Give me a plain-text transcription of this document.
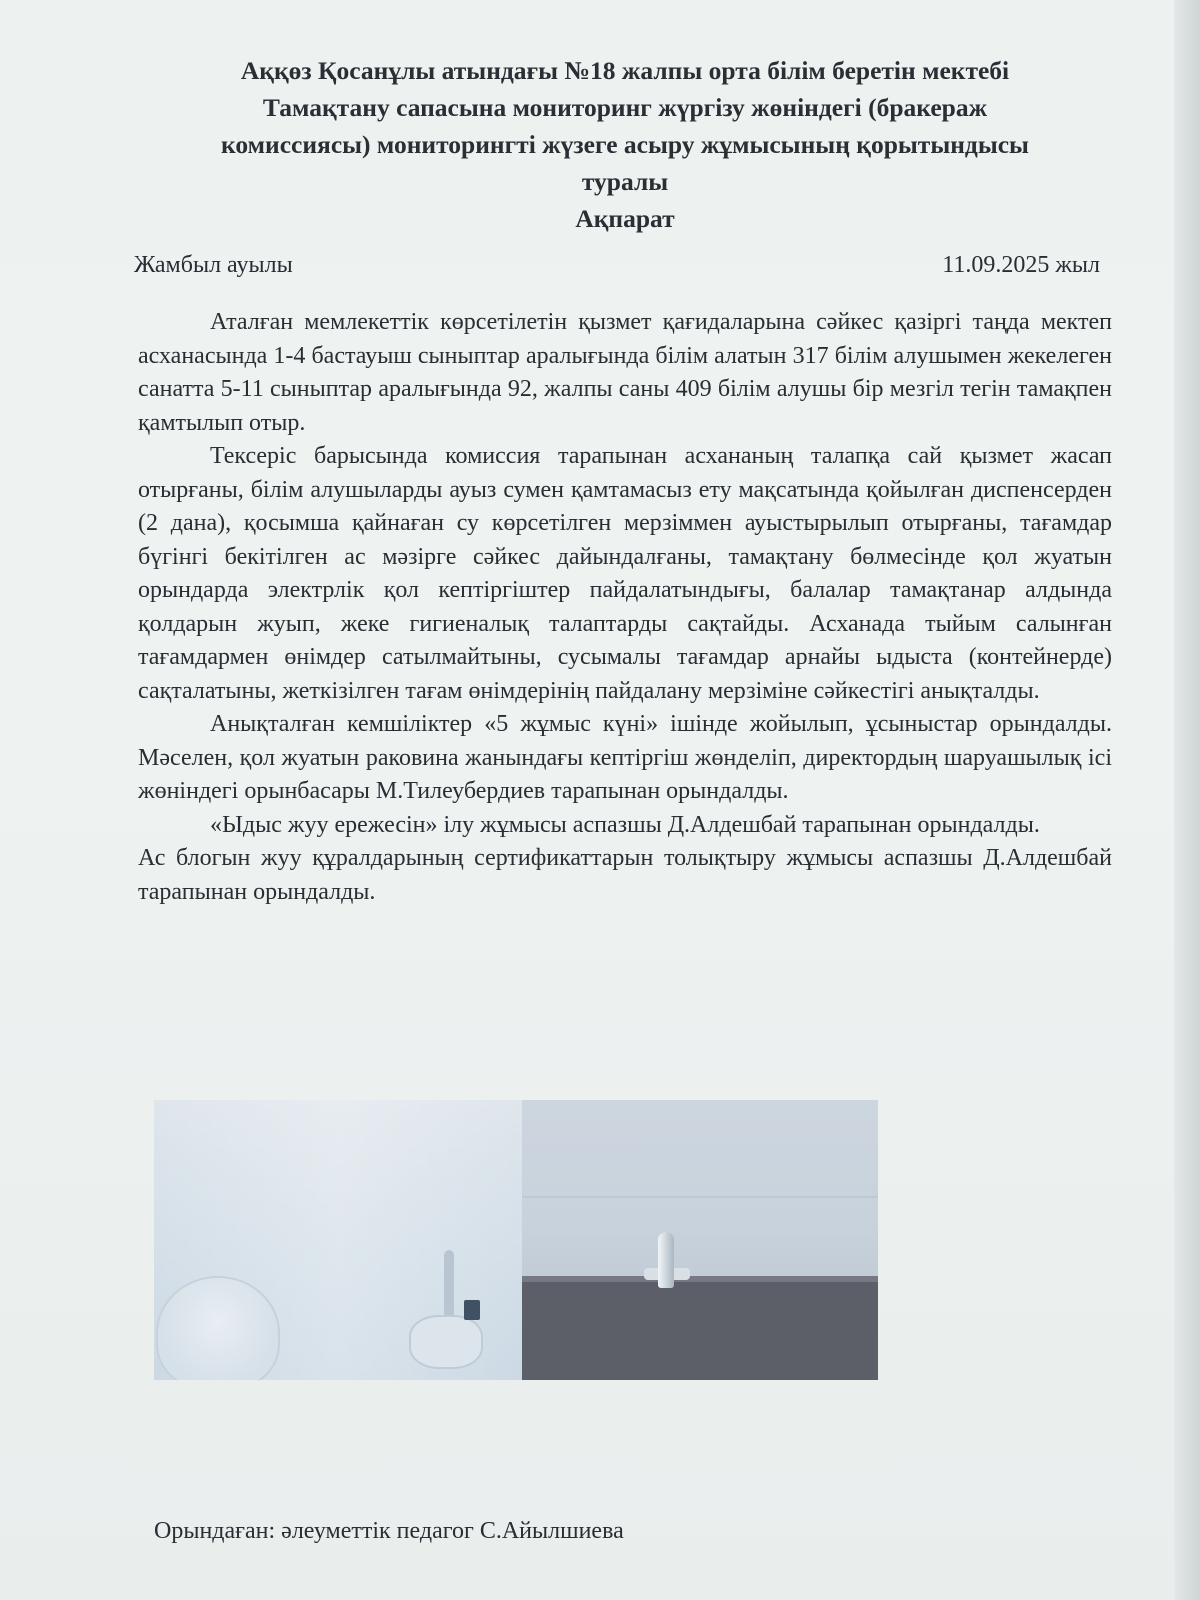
Аққөз Қосанұлы атындағы №18 жалпы орта білім беретін мектебі
Тамақтану сапасына мониторинг жүргізу жөніндегі (бракераж
комиссиясы) мониторингті жүзеге асыру жұмысының қорытындысы
туралы
Ақпарат
Жамбыл ауылы	11.09.2025 жыл

Аталған мемлекеттік көрсетілетін қызмет қағидаларына сәйкес қазіргі таңда мектеп асханасында 1-4 бастауыш сыныптар аралығында білім алатын 317 білім алушымен жекелеген санатта 5-11 сыныптар аралығында 92, жалпы саны 409 білім алушы бір мезгіл тегін тамақпен қамтылып отыр.

Тексеріс барысында комиссия тарапынан асхананың талапқа сай қызмет жасап отырғаны, білім алушыларды ауыз сумен қамтамасыз ету мақсатында қойылған диспенсерден (2 дана), қосымша қайнаған су көрсетілген мерзіммен ауыстырылып отырғаны, тағамдар бүгінгі бекітілген ас мәзірге сәйкес дайындалғаны, тамақтану бөлмесінде қол жуатын орындарда электрлік қол кептіргіштер пайдалатындығы, балалар тамақтанар алдында қолдарын жуып, жеке гигиеналық талаптарды сақтайды. Асханада тыйым салынған тағамдармен өнімдер сатылмайтыны, сусымалы тағамдар арнайы ыдыста (контейнерде) сақталатыны, жеткізілген тағам өнімдерінің пайдалану мерзіміне сәйкестігі анықталды.

Анықталған кемшіліктер «5 жұмыс күні» ішінде жойылып, ұсыныстар орындалды. Мәселен, қол жуатын раковина жанындағы кептіргіш жөнделіп, директордың шаруашылық ісі жөніндегі орынбасары М.Тилеубердиев тарапынан орындалды.

«Ыдыс жуу ережесін» ілу жұмысы аспазшы Д.Алдешбай тарапынан орындалды.

Ас блогын жуу құралдарының сертификаттарын толықтыру жұмысы аспазшы Д.Алдешбай тарапынан орындалды.

Орындаған: әлеуметтік педагог С.Айылшиева
